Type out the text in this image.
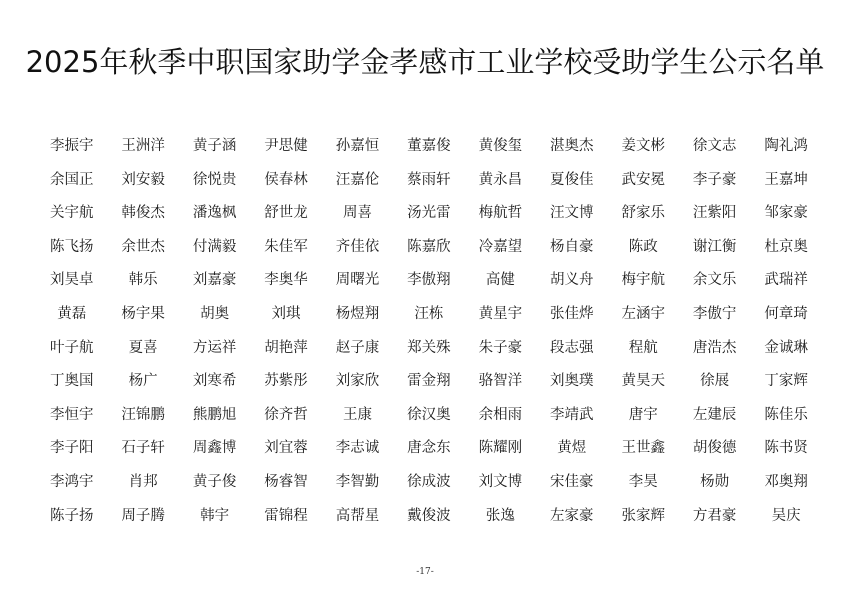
2025年秋季中职国家助学金孝感市工业学校受助学生公示名单
李振宇	王洲洋	黄子涵	尹思健	孙嘉恒	董嘉俊	黄俊玺	湛奥杰	姜文彬	徐文志	陶礼鸿
余国正	刘安毅	徐悦贵	侯春林	汪嘉伦	蔡雨轩	黄永昌	夏俊佳	武安冕	李子豪	王嘉坤
关宇航	韩俊杰	潘逸枫	舒世龙	周喜	汤光雷	梅航哲	汪文博	舒家乐	汪紫阳	邹家豪
陈飞扬	余世杰	付满毅	朱佳军	齐佳依	陈嘉欣	冷嘉望	杨自豪	陈政	谢江衡	杜京奥
刘昊卓	韩乐	刘嘉豪	李奥华	周曙光	李傲翔	高健	胡义舟	梅宇航	余文乐	武瑞祥
黄磊	杨宇果	胡奥	刘琪	杨煜翔	汪栋	黄星宇	张佳烨	左涵宇	李傲宁	何章琦
叶子航	夏喜	方运祥	胡艳萍	赵子康	郑关殊	朱子豪	段志强	程航	唐浩杰	金诚琳
丁奥国	杨广	刘寒希	苏紫彤	刘家欣	雷金翔	骆智洋	刘奥璞	黄昊天	徐展	丁家辉
李恒宇	汪锦鹏	熊鹏旭	徐齐哲	王康	徐汉奥	余相雨	李靖武	唐宇	左建辰	陈佳乐
李子阳	石子轩	周鑫博	刘宜蓉	李志诚	唐念东	陈耀刚	黄煜	王世鑫	胡俊德	陈书贤
李鸿宇	肖邦	黄子俊	杨睿智	李智勤	徐成波	刘文博	宋佳豪	李昊	杨勋	邓奥翔
陈子扬	周子腾	韩宇	雷锦程	高帮星	戴俊波	张逸	左家豪	张家辉	方君豪	吴庆
-17-
